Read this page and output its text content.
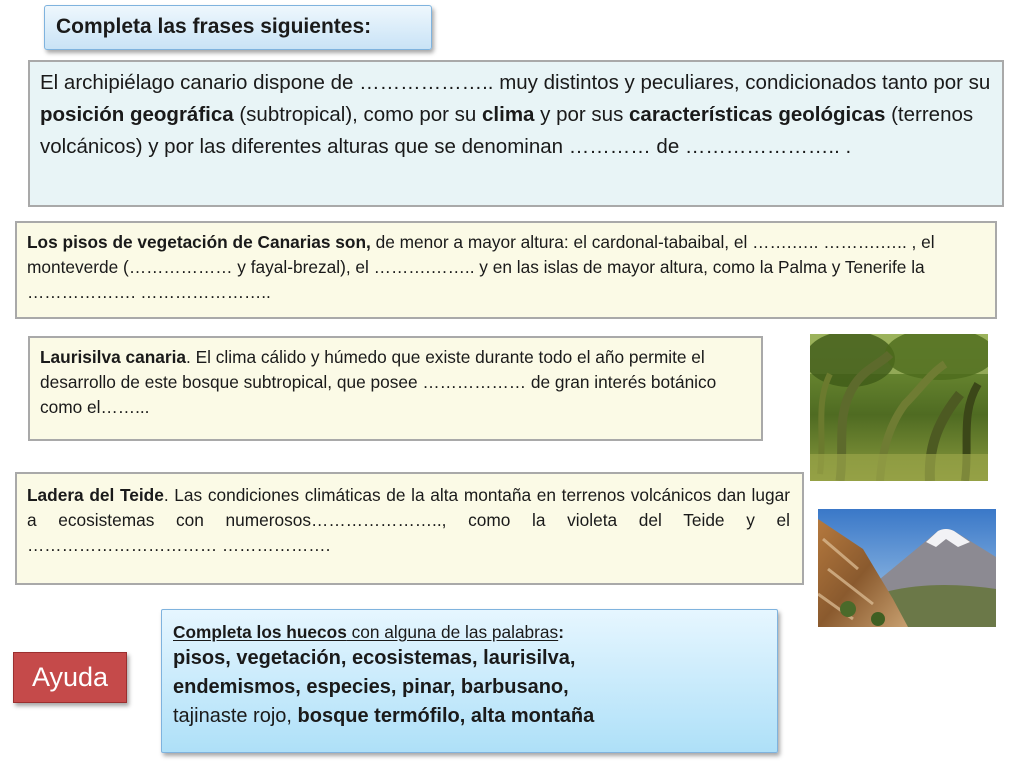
Completa las frases siguientes:
El archipiélago canario dispone de ……………….. muy distintos y peculiares, condicionados tanto por su posición geográfica (subtropical), como por su clima y por sus características geológicas (terrenos volcánicos) y por las diferentes alturas que se denominan ………… de ………………….. .
Los pisos de vegetación de Canarias son, de menor a mayor altura: el cardonal-tabaibal, el …….….. ……….….. , el monteverde (……………… y fayal-brezal), el ……….…….. y en las islas de mayor altura, como la Palma y Tenerife la ………………. …………………..
Laurisilva canaria. El clima cálido y húmedo que existe durante todo el año permite el desarrollo de este bosque subtropical, que posee ……………… de gran interés botánico como el……...
Ladera del Teide. Las condiciones climáticas de la alta montaña en terrenos volcánicos dan lugar a ecosistemas con numerosos………………….., como la violeta del Teide y el …………………………… ……………….
Completa los huecos con alguna de las palabras:
pisos, vegetación, ecosistemas, laurisilva,
endemismos, especies, pinar, barbusano,
tajinaste rojo, bosque termófilo, alta montaña
Ayuda
